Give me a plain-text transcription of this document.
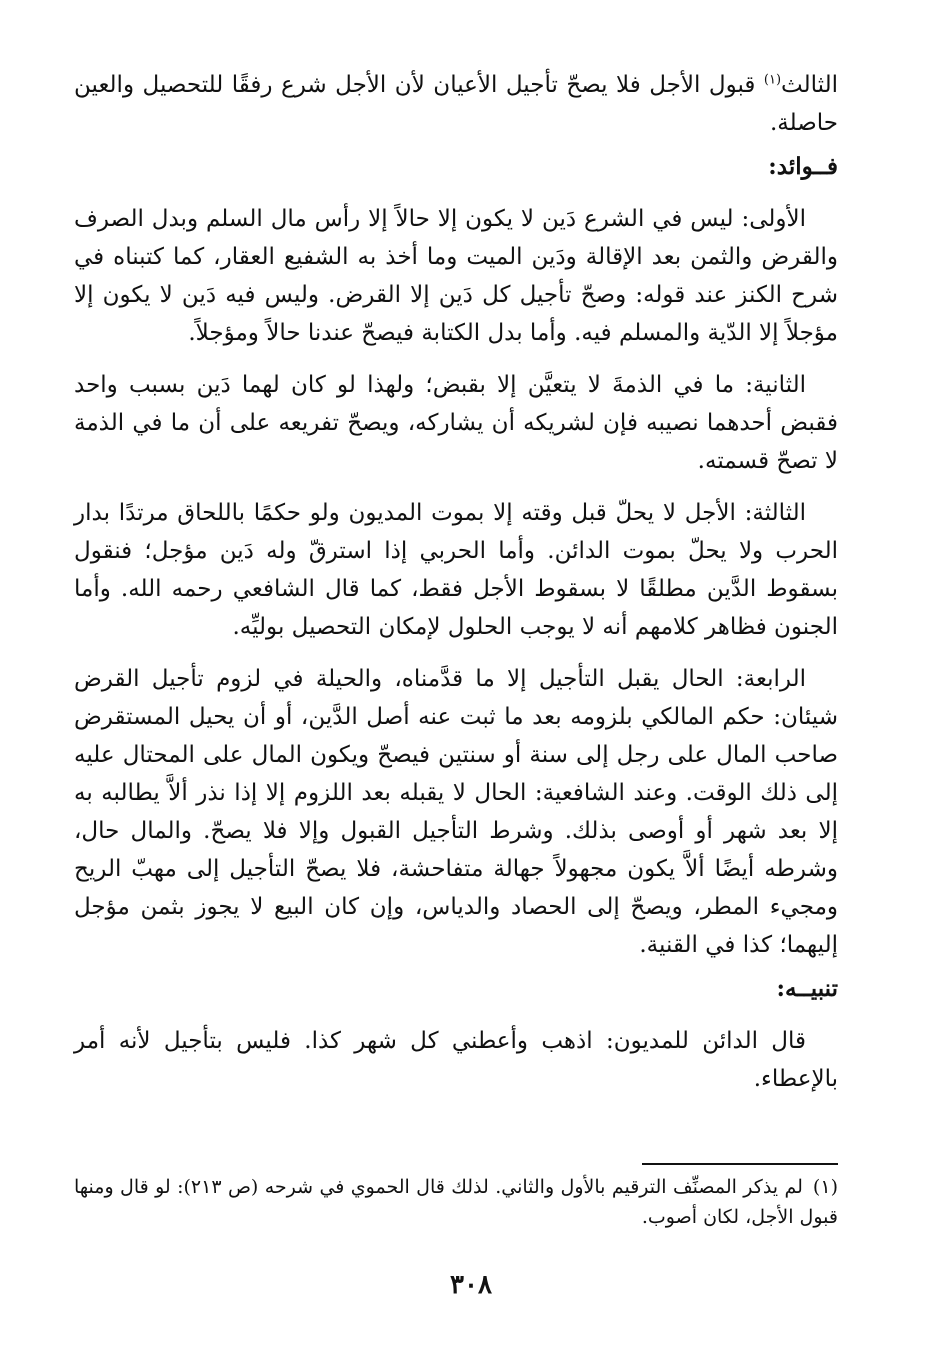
الثالث$^{(١)}$ قبول الأجل فلا يصحّ تأجيل الأعيان لأن الأجل شرع رفقًا للتحصيل والعين حاصلة.

فــوائد:

الأولى: ليس في الشرع دَين لا يكون إلا حالاً إلا رأس مال السلم وبدل الصرف والقرض والثمن بعد الإقالة ودَين الميت وما أخذ به الشفيع العقار، كما كتبناه في شرح الكنز عند قوله: وصحّ تأجيل كل دَين إلا القرض. وليس فيه دَين لا يكون إلا مؤجلاً إلا الدّية والمسلم فيه. وأما بدل الكتابة فيصحّ عندنا حالاً ومؤجلاً.

الثانية: ما في الذمةَ لا يتعيَّن إلا بقبض؛ ولهذا لو كان لهما دَين بسبب واحد فقبض أحدهما نصيبه فإن لشريكه أن يشاركه، ويصحّ تفريعه على أن ما في الذمة لا تصحّ قسمته.

الثالثة: الأجل لا يحلّ قبل وقته إلا بموت المديون ولو حكمًا باللحاق مرتدًا بدار الحرب ولا يحلّ بموت الدائن. وأما الحربي إذا استرقّ وله دَين مؤجل؛ فنقول بسقوط الدَّين مطلقًا لا بسقوط الأجل فقط، كما قال الشافعي رحمه الله. وأما الجنون فظاهر كلامهم أنه لا يوجب الحلول لإمكان التحصيل بوليِّه.

الرابعة: الحال يقبل التأجيل إلا ما قدَّمناه، والحيلة في لزوم تأجيل القرض شيئان: حكم المالكي بلزومه بعد ما ثبت عنه أصل الدَّين، أو أن يحيل المستقرض صاحب المال على رجل إلى سنة أو سنتين فيصحّ ويكون المال على المحتال عليه إلى ذلك الوقت. وعند الشافعية: الحال لا يقبله بعد اللزوم إلا إذا نذر ألاَّ يطالبه به إلا بعد شهر أو أوصى بذلك. وشرط التأجيل القبول وإلا فلا يصحّ. والمال حال، وشرطه أيضًا ألاَّ يكون مجهولاً جهالة متفاحشة، فلا يصحّ التأجيل إلى مهبّ الريح ومجيء المطر، ويصحّ إلى الحصاد والدياس، وإن كان البيع لا يجوز بثمن مؤجل إليهما؛ كذا في القنية.

تنبيــه:

قال الدائن للمديون: اذهب وأعطني كل شهر كذا. فليس بتأجيل لأنه أمر بالإعطاء.

(١)لم يذكر المصنِّف الترقيم بالأول والثاني. لذلك قال الحموي في شرحه (ص ٢١٣): لو قال ومنها قبول الأجل، لكان أصوب.

٣٠٨
